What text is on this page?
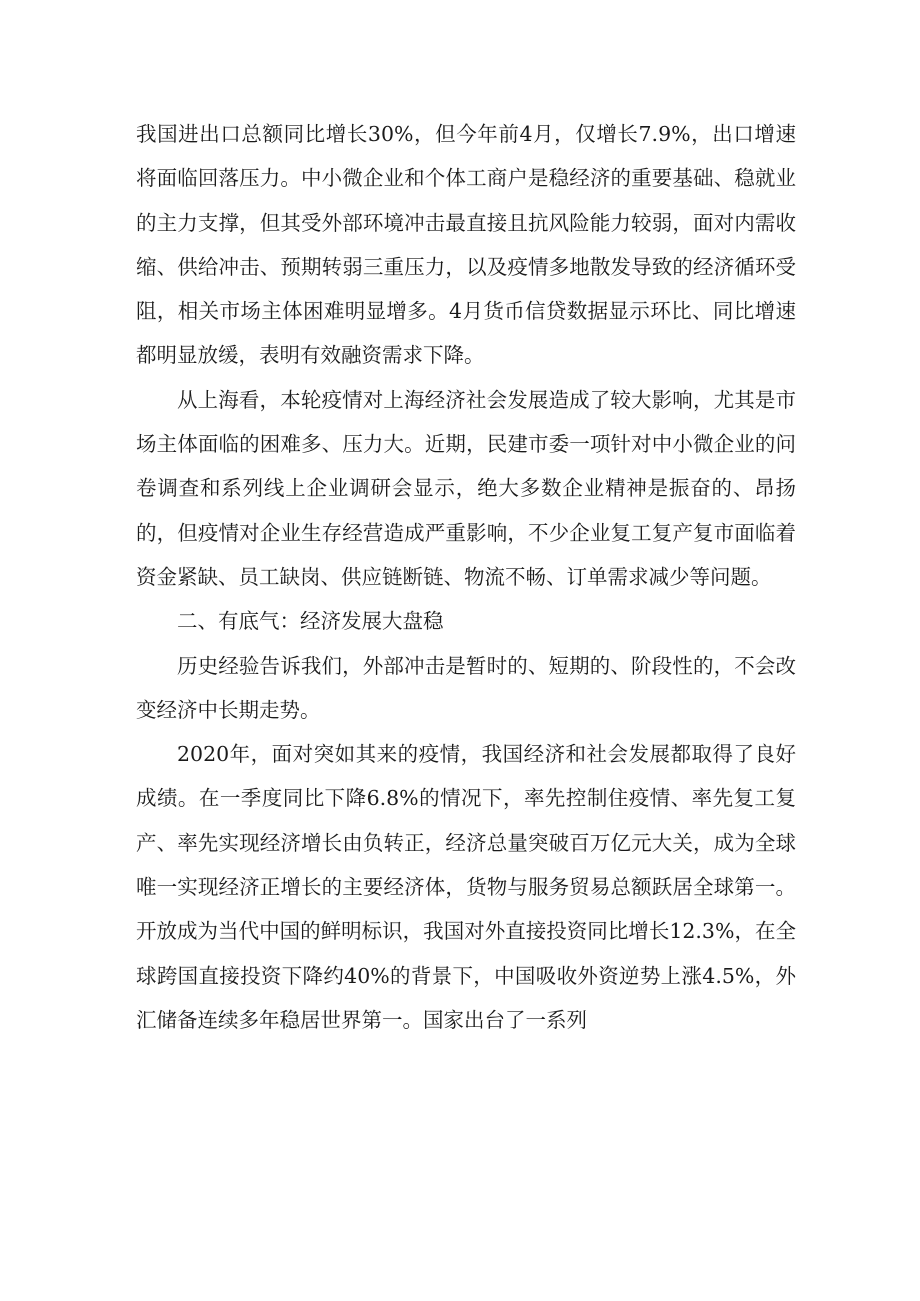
我国进出口总额同比增长30%，但今年前4月，仅增长7.9%，出口增速将面临回落压力。中小微企业和个体工商户是稳经济的重要基础、稳就业的主力支撑，但其受外部环境冲击最直接且抗风险能力较弱，面对内需收缩、供给冲击、预期转弱三重压力，以及疫情多地散发导致的经济循环受阻，相关市场主体困难明显增多。4月货币信贷数据显示环比、同比增速都明显放缓，表明有效融资需求下降。

从上海看，本轮疫情对上海经济社会发展造成了较大影响，尤其是市场主体面临的困难多、压力大。近期，民建市委一项针对中小微企业的问卷调查和系列线上企业调研会显示，绝大多数企业精神是振奋的、昂扬的，但疫情对企业生存经营造成严重影响，不少企业复工复产复市面临着资金紧缺、员工缺岗、供应链断链、物流不畅、订单需求减少等问题。

二、有底气：经济发展大盘稳

历史经验告诉我们，外部冲击是暂时的、短期的、阶段性的，不会改变经济中长期走势。

2020年，面对突如其来的疫情，我国经济和社会发展都取得了良好成绩。在一季度同比下降6.8%的情况下，率先控制住疫情、率先复工复产、率先实现经济增长由负转正，经济总量突破百万亿元大关，成为全球唯一实现经济正增长的主要经济体，货物与服务贸易总额跃居全球第一。开放成为当代中国的鲜明标识，我国对外直接投资同比增长12.3%，在全球跨国直接投资下降约40%的背景下，中国吸收外资逆势上涨4.5%，外汇储备连续多年稳居世界第一。国家出台了一系列
